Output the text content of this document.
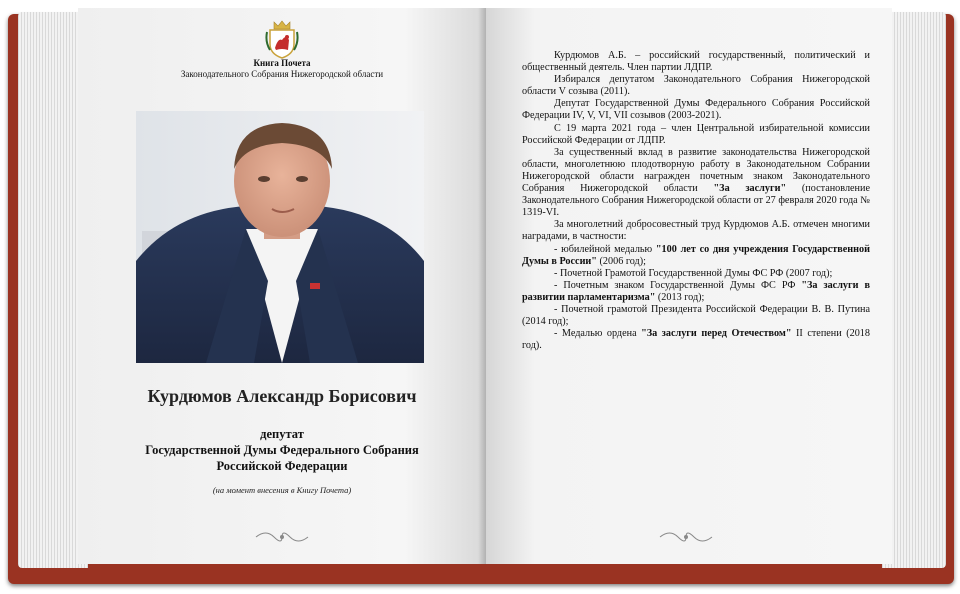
Книга Почета
Законодательного Собрания Нижегородской области
Курдюмов Александр Борисович
депутат
Государственной Думы Федерального Собрания
Российской Федерации
(на момент внесения в Книгу Почета)

Курдюмов А.Б. – российский государственный, политический и общественный деятель. Член партии ЛДПР.

Избирался депутатом Законодательного Собрания Нижегородской области V созыва (2011).

Депутат Государственной Думы Федерального Собрания Российской Федерации IV, V, VI, VII созывов (2003-2021).

С 19 марта 2021 года – член Центральной избирательной комиссии Российской Федерации от ЛДПР.

За существенный вклад в развитие законодательства Нижегородской области, многолетнюю плодотворную работу в Законодательном Собрании Нижегородской области награжден почетным знаком Законодательного Собрания Нижегородской области "За заслуги" (постановление Законодательного Собрания Нижегородской области от 27 февраля 2020 года № 1319-VI.

За многолетний добросовестный труд Курдюмов А.Б. отмечен многими наградами, в частности:

- юбилейной медалью "100 лет со дня учреждения Государственной Думы в России" (2006 год);

- Почетной Грамотой Государственной Думы ФС РФ (2007 год);

- Почетным знаком Государственной Думы ФС РФ "За заслуги в развитии парламентаризма" (2013 год);

- Почетной грамотой Президента Российской Федерации В. В. Путина (2014 год);

- Медалью ордена "За заслуги перед Отечеством" II степени (2018 год).
